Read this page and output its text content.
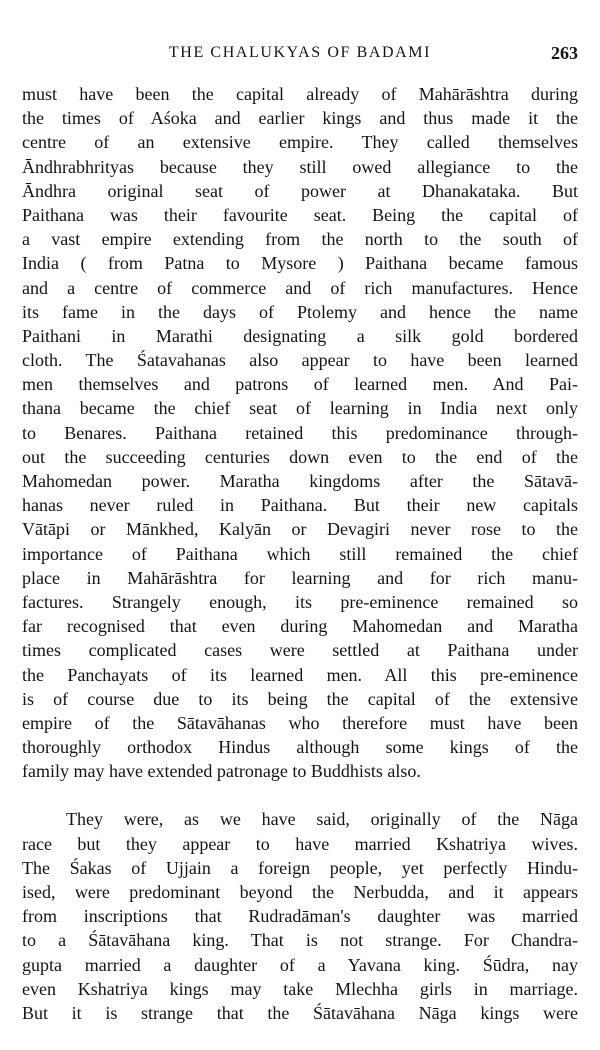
THE CHALUKYAS OF BADAMI	263
must have been the capital already of Mahārāshtra during
the times of Aśoka and earlier kings and thus made it the
centre of an extensive empire. They called themselves
Āndhrabhrityas because they still owed allegiance to the
Āndhra original seat of power at Dhanakataka. But
Paithana was their favourite seat. Being the capital of
a vast empire extending from the north to the south of
India ( from Patna to Mysore ) Paithana became famous
and a centre of commerce and of rich manufactures. Hence
its fame in the days of Ptolemy and hence the name
Paithani in Marathi designating a silk gold bordered
cloth. The Śatavahanas also appear to have been learned
men themselves and patrons of learned men. And Pai-
thana became the chief seat of learning in India next only
to Benares. Paithana retained this predominance through-
out the succeeding centuries down even to the end of the
Mahomedan power. Maratha kingdoms after the Sātavā-
hanas never ruled in Paithana. But their new capitals
Vātāpi or Mānkhed, Kalyān or Devagiri never rose to the
importance of Paithana which still remained the chief
place in Mahārāshtra for learning and for rich manu-
factures. Strangely enough, its pre-eminence remained so
far recognised that even during Mahomedan and Maratha
times complicated cases were settled at Paithana under
the Panchayats of its learned men. All this pre-eminence
is of course due to its being the capital of the extensive
empire of the Sātavāhanas who therefore must have been
thoroughly orthodox Hindus although some kings of the
family may have extended patronage to Buddhists also.
They were, as we have said, originally of the Nāga
race but they appear to have married Kshatriya wives.
The Śakas of Ujjain a foreign people, yet perfectly Hindu-
ised, were predominant beyond the Nerbudda, and it appears
from inscriptions that Rudradāman's daughter was married
to a Śātavāhana king. That is not strange. For Chandra-
gupta married a daughter of a Yavana king. Śūdra, nay
even Kshatriya kings may take Mlechha girls in marriage.
But it is strange that the Śātavāhana Nāga kings were
